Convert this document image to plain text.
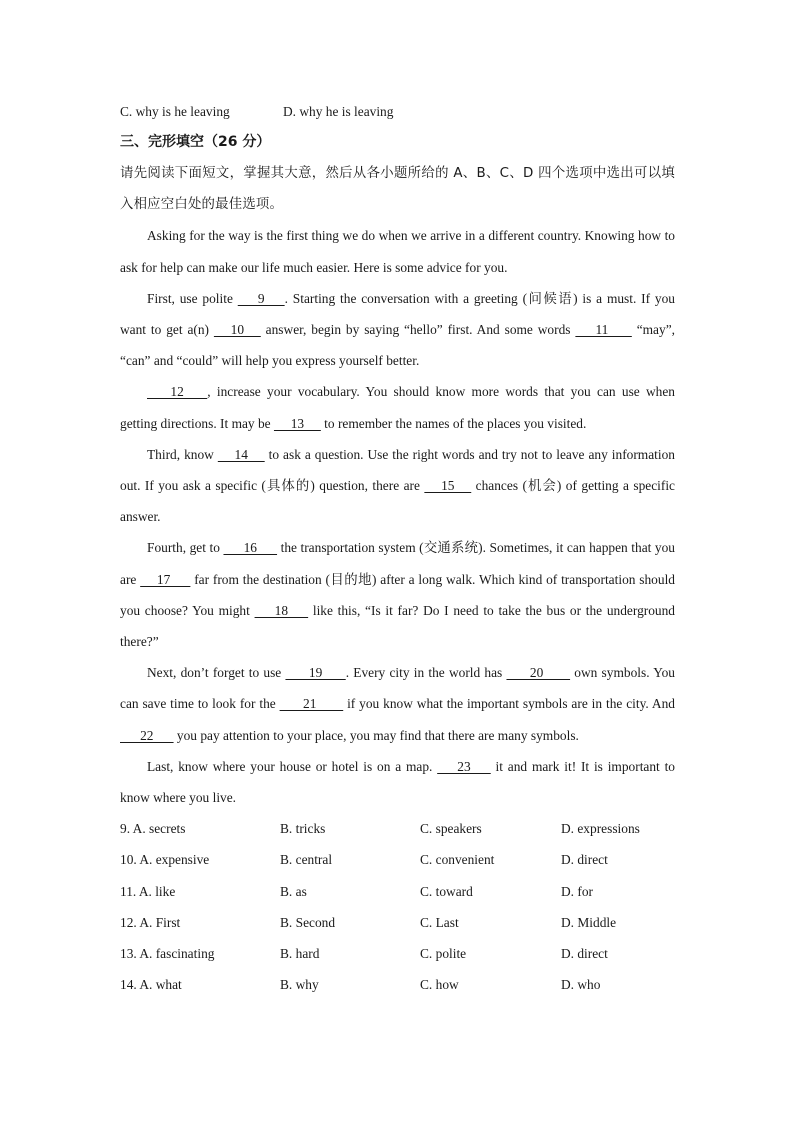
C. why is he leaving	D. why he is leaving
三、完形填空（26 分）
请先阅读下面短文，掌握其大意，然后从各小题所给的 A、B、C、D 四个选项中选出可以填入相应空白处的最佳选项。

Asking for the way is the first thing we do when we arrive in a different country. Knowing how to ask for help can make our life much easier. Here is some advice for you.

First, use polite       9      . Starting the conversation with a greeting (问候语) is a must. If you want to get a(n)      10      answer, begin by saying “hello” first. And some words       11        “may”, “can” and “could” will help you express yourself better.

12       , increase your vocabulary. You should know more words that you can use when getting directions. It may be      13      to remember the names of the places you visited.

Third, know      14      to ask a question. Use the right words and try not to leave any information out. If you ask a specific (具体的) question, there are      15      chances (机会) of getting a specific answer.

Fourth, get to       16       the transportation system (交通系统). Sometimes, it can happen that you are      17       far from the destination (目的地) after a long walk. Which kind of transportation should you choose? You might       18       like this, “Is it far? Do I need to take the bus or the underground there?”

Next, don’t forget to use        19       . Every city in the world has        20         own symbols. You can save time to look for the        21         if you know what the important symbols are in the city. And       22       you pay attention to your place, you may find that there are many symbols.

Last, know where your house or hotel is on a map.       23       it and mark it! It is important to know where you live.

9. A. secrets	B. tricks	C. speakers	D. expressions
10. A. expensive	B. central	C. convenient	D. direct
11. A. like	B. as	C. toward	D. for
12. A. First	B. Second	C. Last	D. Middle
13. A. fascinating	B. hard	C. polite	D. direct
14. A. what	B. why	C. how	D. who
